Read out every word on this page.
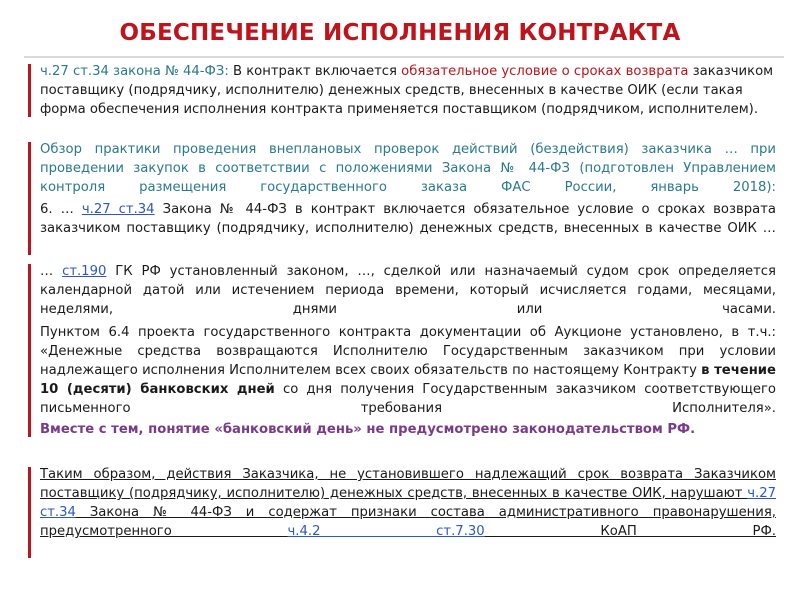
ОБЕСПЕЧЕНИЕ ИСПОЛНЕНИЯ КОНТРАКТА
ч.27 ст.34 закона № 44-ФЗ: В контракт включается обязательное условие о сроках возврата заказчиком поставщику (подрядчику, исполнителю) денежных средств, внесенных в качестве ОИК (если такая форма обеспечения исполнения контракта применяется поставщиком (подрядчиком, исполнителем).
Обзор практики проведения внеплановых проверок действий (бездействия) заказчика … при проведении закупок в соответствии с положениями Закона № 44-ФЗ (подготовлен Управлением контроля размещения государственного заказа ФАС России, январь 2018):
6. … ч.27 ст.34 Закона № 44-ФЗ в контракт включается обязательное условие о сроках возврата заказчиком поставщику (подрядчику, исполнителю) денежных средств, внесенных в качестве ОИК …
… ст.190 ГК РФ установленный законом, …, сделкой или назначаемый судом срок определяется календарной датой или истечением периода времени, который исчисляется годами, месяцами, неделями, днями или часами.
Пунктом 6.4 проекта государственного контракта документации об Аукционе установлено, в т.ч.: «Денежные средства возвращаются Исполнителю Государственным заказчиком при условии надлежащего исполнения Исполнителем всех своих обязательств по настоящему Контракту в течение 10 (десяти) банковских дней со дня получения Государственным заказчиком соответствующего письменного требования Исполнителя».
Вместе с тем, понятие «банковский день» не предусмотрено законодательством РФ.
Таким образом, действия Заказчика, не установившего надлежащий срок возврата Заказчиком поставщику (подрядчику, исполнителю) денежных средств, внесенных в качестве ОИК, нарушают ч.27 ст.34 Закона № 44-ФЗ и содержат признаки состава административного правонарушения, предусмотренного ч.4.2 ст.7.30 КоАП РФ.
